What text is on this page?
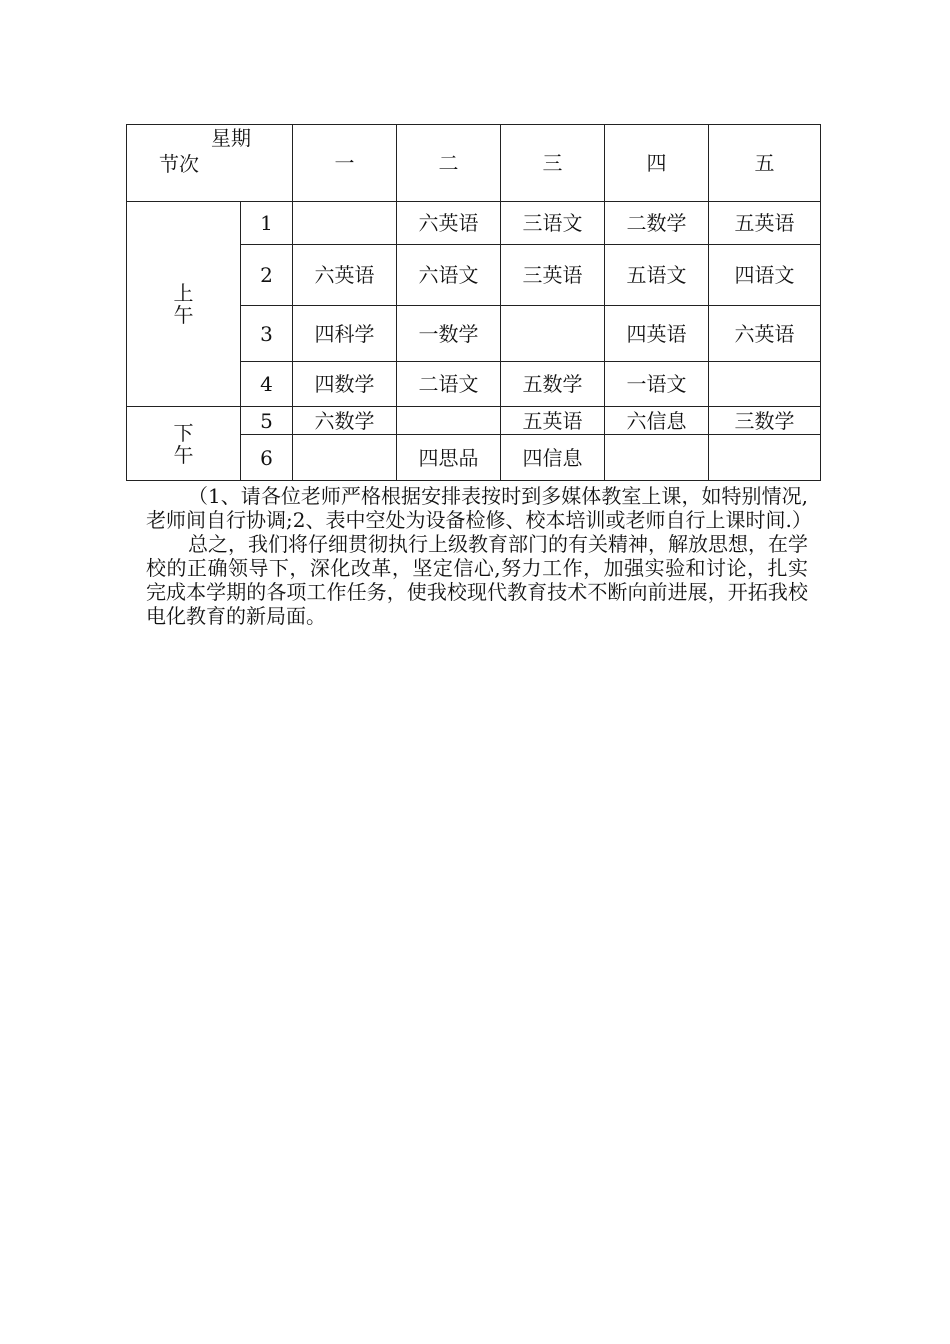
星期
节次		一	二	三	四	五

上
午	1		六英语	三语文	二数学	五英语
	2	六英语	六语文	三英语	五语文	四语文
	3	四科学	一数学		四英语	六英语
	4	四数学	二语文	五数学	一语文	

下
午	5	六数学		五英语	六信息	三数学
	6		四思品	四信息		

（1、请各位老师严格根据安排表按时到多媒体教室上课，如特别情况,老师间自行协调;2、表中空处为设备检修、校本培训或老师自行上课时间.）

总之，我们将仔细贯彻执行上级教育部门的有关精神，解放思想，在学校的正确领导下，深化改革，坚定信心,努力工作，加强实验和讨论，扎实完成本学期的各项工作任务，使我校现代教育技术不断向前进展，开拓我校电化教育的新局面。
